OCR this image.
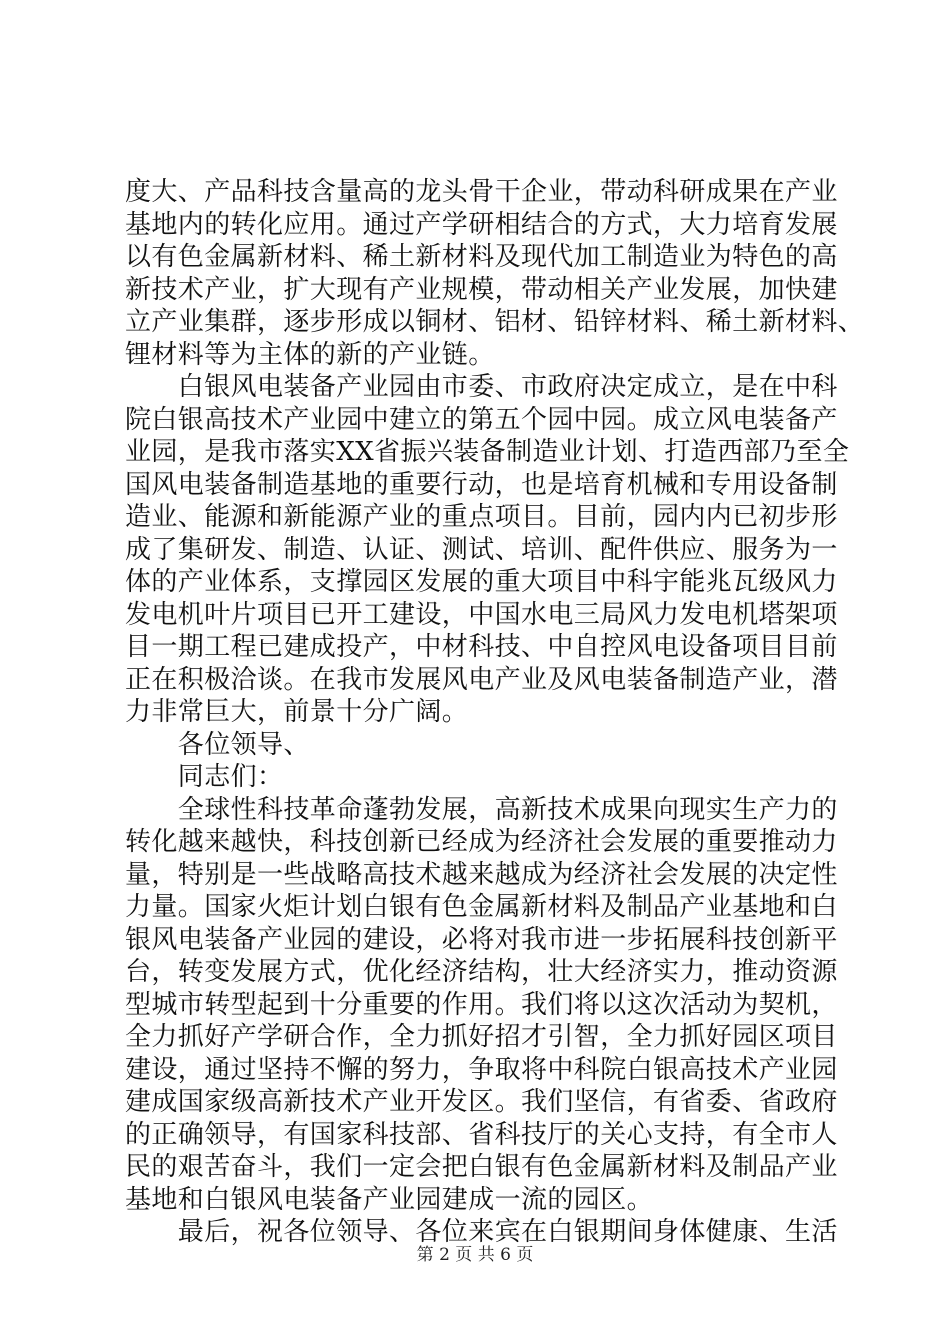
度大、产品科技含量高的龙头骨干企业，带动科研成果在产业
基地内的转化应用。通过产学研相结合的方式，大力培育发展
以有色金属新材料、稀土新材料及现代加工制造业为特色的高
新技术产业，扩大现有产业规模，带动相关产业发展，加快建
立产业集群，逐步形成以铜材、铝材、铅锌材料、稀土新材料、
锂材料等为主体的新的产业链。
　　白银风电装备产业园由市委、市政府决定成立，是在中科
院白银高技术产业园中建立的第五个园中园。成立风电装备产
业园，是我市落实XX省振兴装备制造业计划、打造西部乃至全
国风电装备制造基地的重要行动，也是培育机械和专用设备制
造业、能源和新能源产业的重点项目。目前，园内内已初步形
成了集研发、制造、认证、测试、培训、配件供应、服务为一
体的产业体系，支撑园区发展的重大项目中科宇能兆瓦级风力
发电机叶片项目已开工建设，中国水电三局风力发电机塔架项
目一期工程已建成投产，中材科技、中自控风电设备项目目前
正在积极洽谈。在我市发展风电产业及风电装备制造产业，潜
力非常巨大，前景十分广阔。
　　各位领导、
　　同志们：
　　全球性科技革命蓬勃发展，高新技术成果向现实生产力的
转化越来越快，科技创新已经成为经济社会发展的重要推动力
量，特别是一些战略高技术越来越成为经济社会发展的决定性
力量。国家火炬计划白银有色金属新材料及制品产业基地和白
银风电装备产业园的建设，必将对我市进一步拓展科技创新平
台，转变发展方式，优化经济结构，壮大经济实力，推动资源
型城市转型起到十分重要的作用。我们将以这次活动为契机，
全力抓好产学研合作，全力抓好招才引智，全力抓好园区项目
建设，通过坚持不懈的努力，争取将中科院白银高技术产业园
建成国家级高新技术产业开发区。我们坚信，有省委、省政府
的正确领导，有国家科技部、省科技厅的关心支持，有全市人
民的艰苦奋斗，我们一定会把白银有色金属新材料及制品产业
基地和白银风电装备产业园建成一流的园区。
　　最后，祝各位领导、各位来宾在白银期间身体健康、生活
第 2 页 共 6 页
